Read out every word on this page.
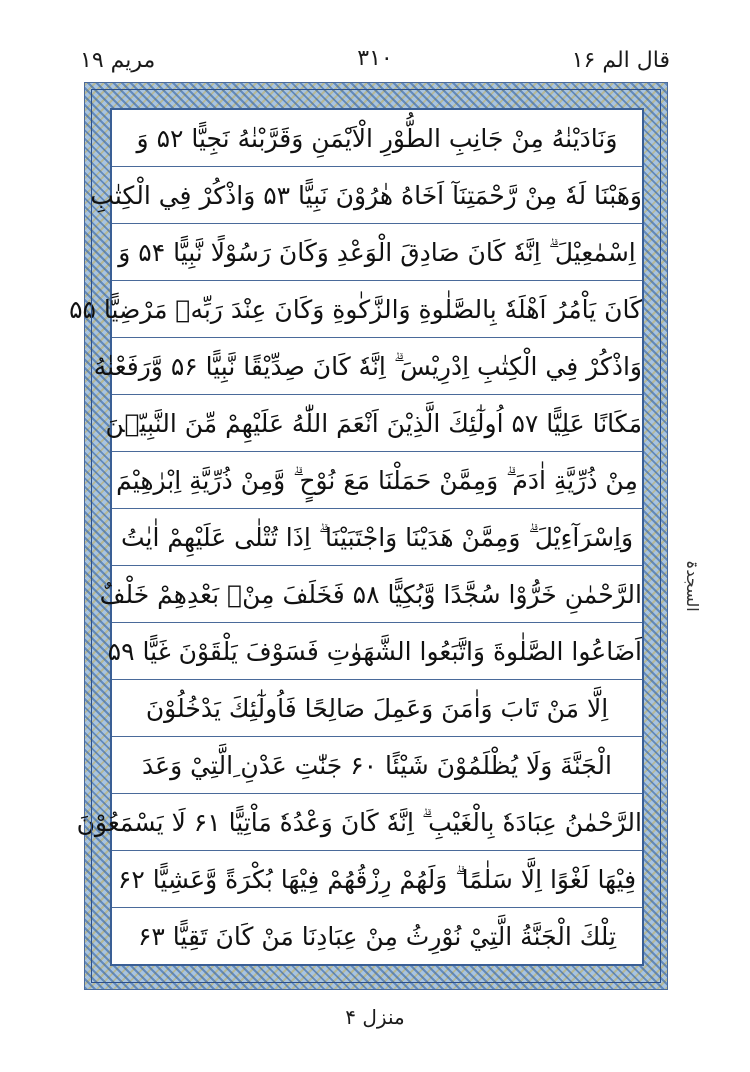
مریم ۱۹	۳۱۰	قال الم ۱۶
وَنَادَيْنٰهُ مِنْ جَانِبِ الطُّوْرِ الْاَيْمَنِ وَقَرَّبْنٰهُ نَجِيًّا ۵۲ وَ
وَهَبْنَا لَهٗ مِنْ رَّحْمَتِنَآ اَخَاهُ هٰرُوْنَ نَبِيًّا ۵۳ وَاذْكُرْ فِي الْكِتٰبِ
اِسْمٰعِيْلَ ۗ اِنَّهٗ كَانَ صَادِقَ الْوَعْدِ وَكَانَ رَسُوْلًا نَّبِيًّا ۵۴ وَ
كَانَ يَاْمُرُ اَهْلَهٗ بِالصَّلٰوةِ وَالزَّكٰوةِ وَكَانَ عِنْدَ رَبِّهٖ مَرْضِيًّا ۵۵
وَاذْكُرْ فِي الْكِتٰبِ اِدْرِيْسَ ۗ اِنَّهٗ كَانَ صِدِّيْقًا نَّبِيًّا ۵۶ وَّرَفَعْنٰهُ
مَكَانًا عَلِيًّا ۵۷ اُولٰٓئِكَ الَّذِيْنَ اَنْعَمَ اللّٰهُ عَلَيْهِمْ مِّنَ النَّبِيّٖنَ
مِنْ ذُرِّيَّةِ اٰدَمَ ۗ وَمِمَّنْ حَمَلْنَا مَعَ نُوْحٍ ۗ وَّمِنْ ذُرِّيَّةِ اِبْرٰهِيْمَ
وَاِسْرَآءِيْلَ ۗ وَمِمَّنْ هَدَيْنَا وَاجْتَبَيْنَا ۗ اِذَا تُتْلٰى عَلَيْهِمْ اٰيٰتُ
الرَّحْمٰنِ خَرُّوْا سُجَّدًا وَّبُكِيًّا ۵۸ فَخَلَفَ مِنْۢ بَعْدِهِمْ خَلْفٌ
اَضَاعُوا الصَّلٰوةَ وَاتَّبَعُوا الشَّهَوٰتِ فَسَوْفَ يَلْقَوْنَ غَيًّا ۵۹
اِلَّا مَنْ تَابَ وَاٰمَنَ وَعَمِلَ صَالِحًا فَاُولٰٓئِكَ يَدْخُلُوْنَ
الْجَنَّةَ وَلَا يُظْلَمُوْنَ شَيْئًا ۶۰ جَنّٰتِ عَدْنِ ِالَّتِيْ وَعَدَ
الرَّحْمٰنُ عِبَادَهٗ بِالْغَيْبِ ۗ اِنَّهٗ كَانَ وَعْدُهٗ مَاْتِيًّا ۶۱ لَا يَسْمَعُوْنَ
فِيْهَا لَغْوًا اِلَّا سَلٰمًا ۗ وَلَهُمْ رِزْقُهُمْ فِيْهَا بُكْرَةً وَّعَشِيًّا ۶۲
تِلْكَ الْجَنَّةُ الَّتِيْ نُوْرِثُ مِنْ عِبَادِنَا مَنْ كَانَ تَقِيًّا ۶۳
السجدۃ
منزل ۴
